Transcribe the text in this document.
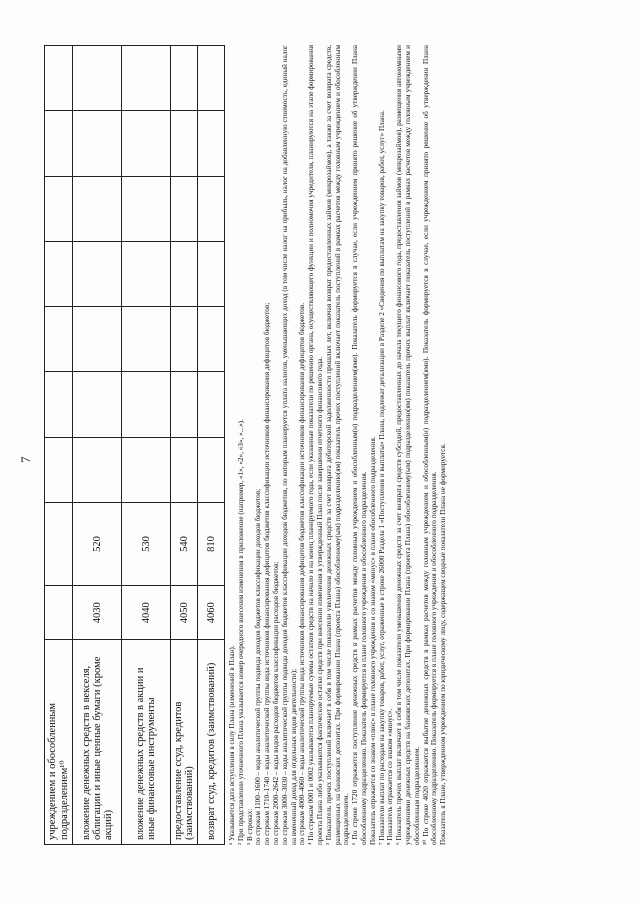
7
учреждением и обособленным подразделением¹⁰									
вложение денежных средств в векселя, облигации и иные ценные бумаги (кроме акций)	4030	520							
вложение денежных средств в акции и иные финансовые инструменты	4040	530							
предоставление ссуд, кредитов (заимствований)	4050	540							
возврат ссуд, кредитов (заимствований)	4060	810							

¹ Указывается дата вступления в силу Плана (изменений в План). ² При представлении уточненного Плана указывается номер очередного внесения изменения в приложение (например, «1», «2», «3», «...»). ³ В строках: по строкам 1100–1600 – коды аналитической группы подвида доходов бюджетов классификации доходов бюджетов; по строкам 1710–1740 – коды аналитической группы вида источников финансирования дефицитов бюджетов классификации источников финансирования дефицитов бюджетов; по строкам 2000–2642 – коды видов расходов бюджетов классификации расходов бюджетов; по строкам 3000–3030 – коды аналитической группы подвида доходов бюджетов классификации доходов бюджетов, по которым планируется уплата налогов, уменьшающих доход (в том числе налог на прибыль, налог на добавленную стоимость, единый налог на вмененный доход для отдельных видов деятельности); по строкам 4000–4060 – коды аналитической группы вида источников финансирования дефицитов бюджетов классификации источников финансирования дефицитов бюджетов. ⁴ По строкам 0001 и 0002 указываются планируемые суммы остатков средств на начало и на конец планируемого года, если указанные показатели по решению органа, осуществляющего функции и полномочия учредителя, планируются на этапе формирования проекта Плана либо указываются фактические остатки средств при внесении изменения в утвержденный План после завершения отчетного финансового года. ⁵ Показатель прочих поступлений включает в себя в том числе показатели увеличения денежных средств за счет возврата дебиторской задолженности прошлых лет, включая возврат предоставленных займов (микрозаймов), а также за счет возврата средств, размещенных на банковских депозитах. При формировании Плана (проекта Плана) обособленному(ым) подразделению(ям) показатель прочих поступлений включает показатель поступлений в рамках расчетов между головным учреждением и обособленным подразделением. ⁶ По строке 1720 отражается поступление денежных средств в рамках расчетов между головным учреждением и обособленным(и) подразделением(ями). Показатель формируется в случае, если учреждением принято решение об утверждении Плана обособленному подразделению. Показатель формируется в плане головного учреждения и обособленного подразделения. Показатель отражается со знаком «плюс» в плане головного учреждения и со знаком «минус» в плане обособленного подразделения. ⁷ Показатели выплат по расходам на закупку товаров, работ, услуг, отраженные в строке 26000 Раздела 1 «Поступления и выплаты» Плана, подлежат детализации в Разделе 2 «Сведения по выплатам на закупку товаров, работ, услуг» Плана. ⁸ Показатель отражается со знаком «минус». ⁹ Показатель прочих выплат включает в себя в том числе показатели уменьшения денежных средств за счет возврата средств субсидий, предоставленных до начала текущего финансового года, предоставления займов (микрозаймов), размещения автономными учреждениями денежных средств на банковских депозитах. При формировании Плана (проекта Плана) обособленному(ым) подразделению(ям) показатель прочих выплат включает показатель поступлений в рамках расчетов между головным учреждением и обособленным подразделением. ¹⁰ По строке 4020 отражается выбытие денежных средств в рамках расчетов между головным учреждением и обособленным(и) подразделением(ями). Показатель формируется в случае, если учреждением принято решение об утверждении Плана обособленному подразделению. Показатель формируется в плане головного учреждения и обособленного подразделения. Показатель в Плане, утвержденном учреждением по юридическому лицу, содержащем сводные показатели Плана не формируется.
